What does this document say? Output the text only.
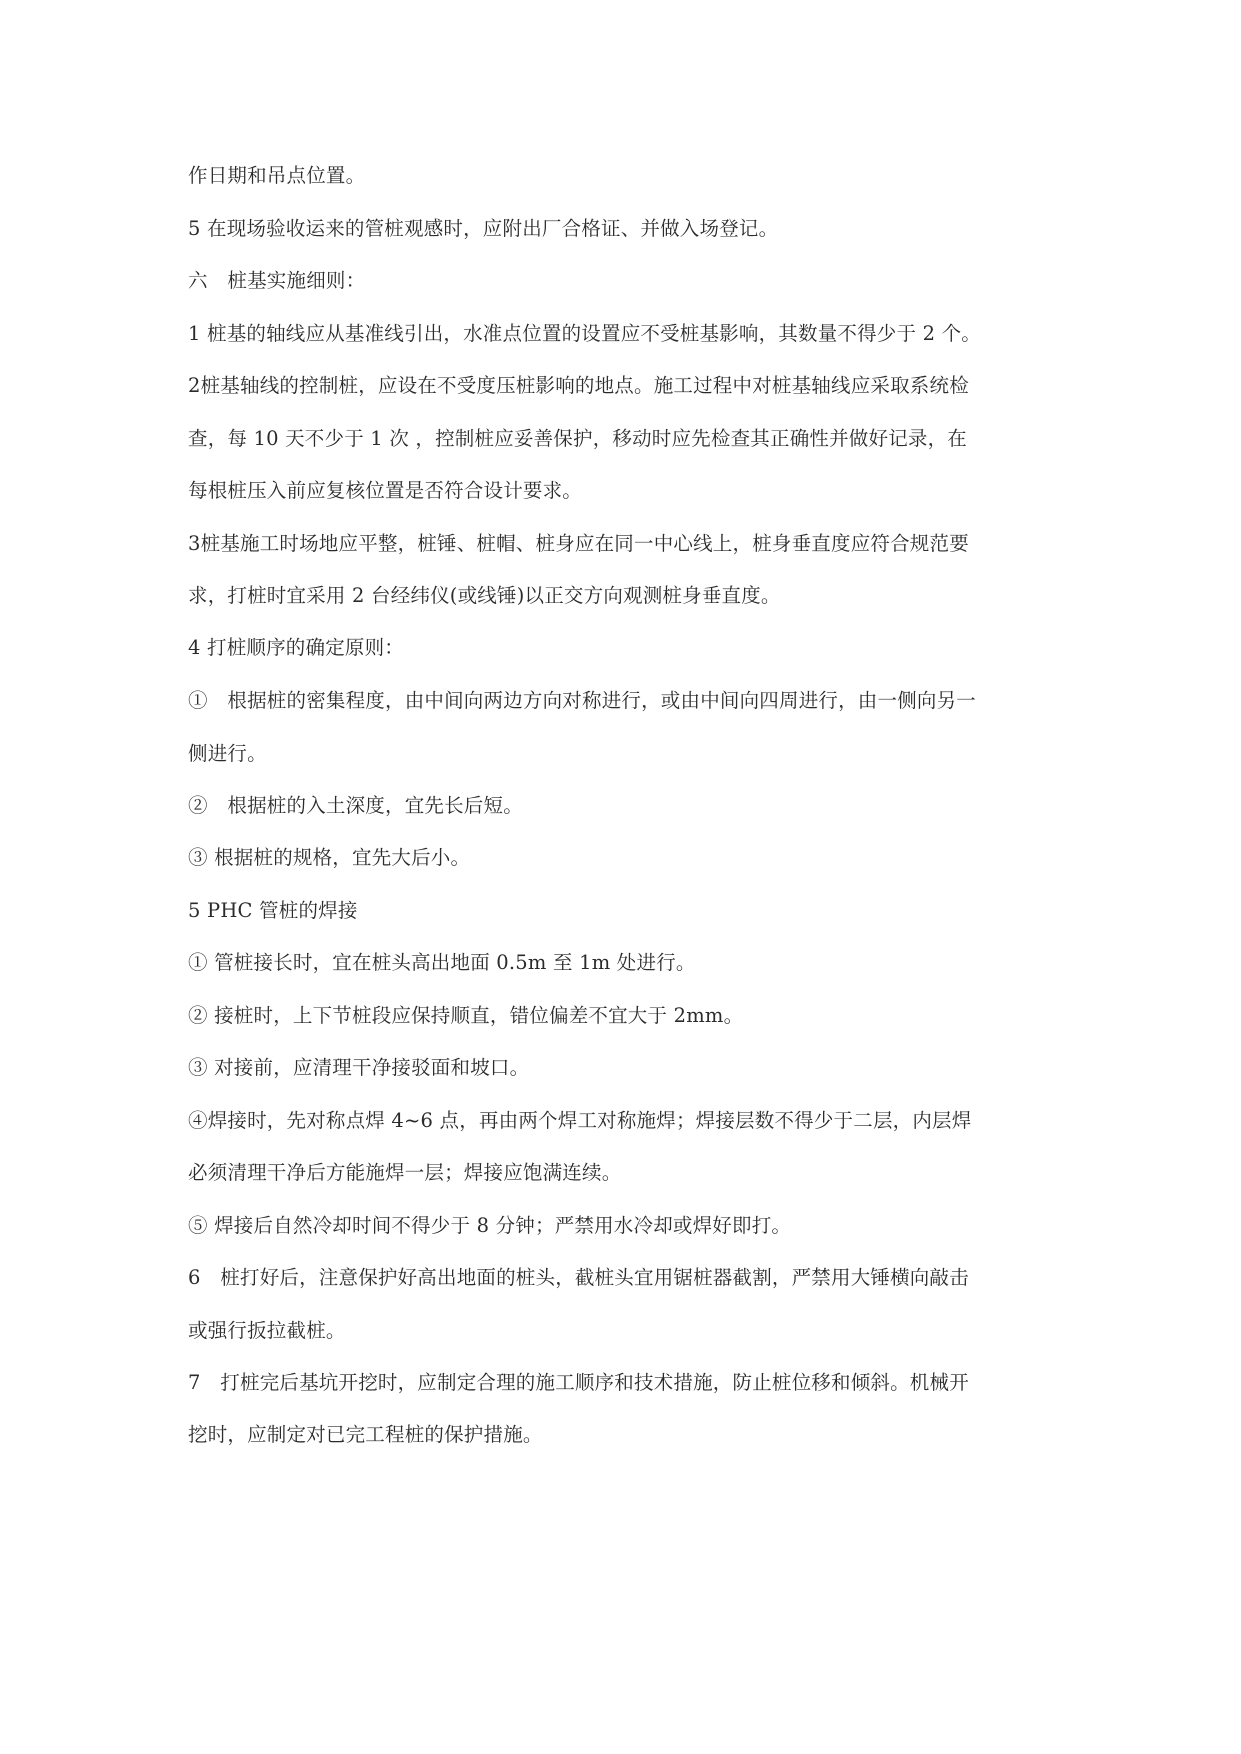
作日期和吊点位置。
5 在现场验收运来的管桩观感时，应附出厂合格证、并做入场登记。
六　桩基实施细则：
1 桩基的轴线应从基准线引出，水准点位置的设置应不受桩基影响，其数量不得少于 2 个。
2桩基轴线的控制桩，应设在不受度压桩影响的地点。施工过程中对桩基轴线应采取系统检
查，每 10 天不少于 1 次 ，控制桩应妥善保护，移动时应先检查其正确性并做好记录，在
每根桩压入前应复核位置是否符合设计要求。
3桩基施工时场地应平整，桩锤、桩帽、桩身应在同一中心线上，桩身垂直度应符合规范要
求，打桩时宜采用 2 台经纬仪(或线锤)以正交方向观测桩身垂直度。
4 打桩顺序的确定原则：
①　根据桩的密集程度，由中间向两边方向对称进行，或由中间向四周进行，由一侧向另一
侧进行。
②　根据桩的入土深度，宜先长后短。
③ 根据桩的规格，宜先大后小。
5 PHC 管桩的焊接
① 管桩接长时，宜在桩头高出地面 0.5m 至 1m 处进行。
② 接桩时，上下节桩段应保持顺直，错位偏差不宜大于 2mm。
③ 对接前，应清理干净接驳面和坡口。
④焊接时，先对称点焊 4~6 点，再由两个焊工对称施焊；焊接层数不得少于二层，内层焊
必须清理干净后方能施焊一层；焊接应饱满连续。
⑤ 焊接后自然冷却时间不得少于 8 分钟；严禁用水冷却或焊好即打。
6　桩打好后，注意保护好高出地面的桩头，截桩头宜用锯桩器截割，严禁用大锤横向敲击
或强行扳拉截桩。
7　打桩完后基坑开挖时，应制定合理的施工顺序和技术措施，防止桩位移和倾斜。机械开
挖时，应制定对已完工程桩的保护措施。
